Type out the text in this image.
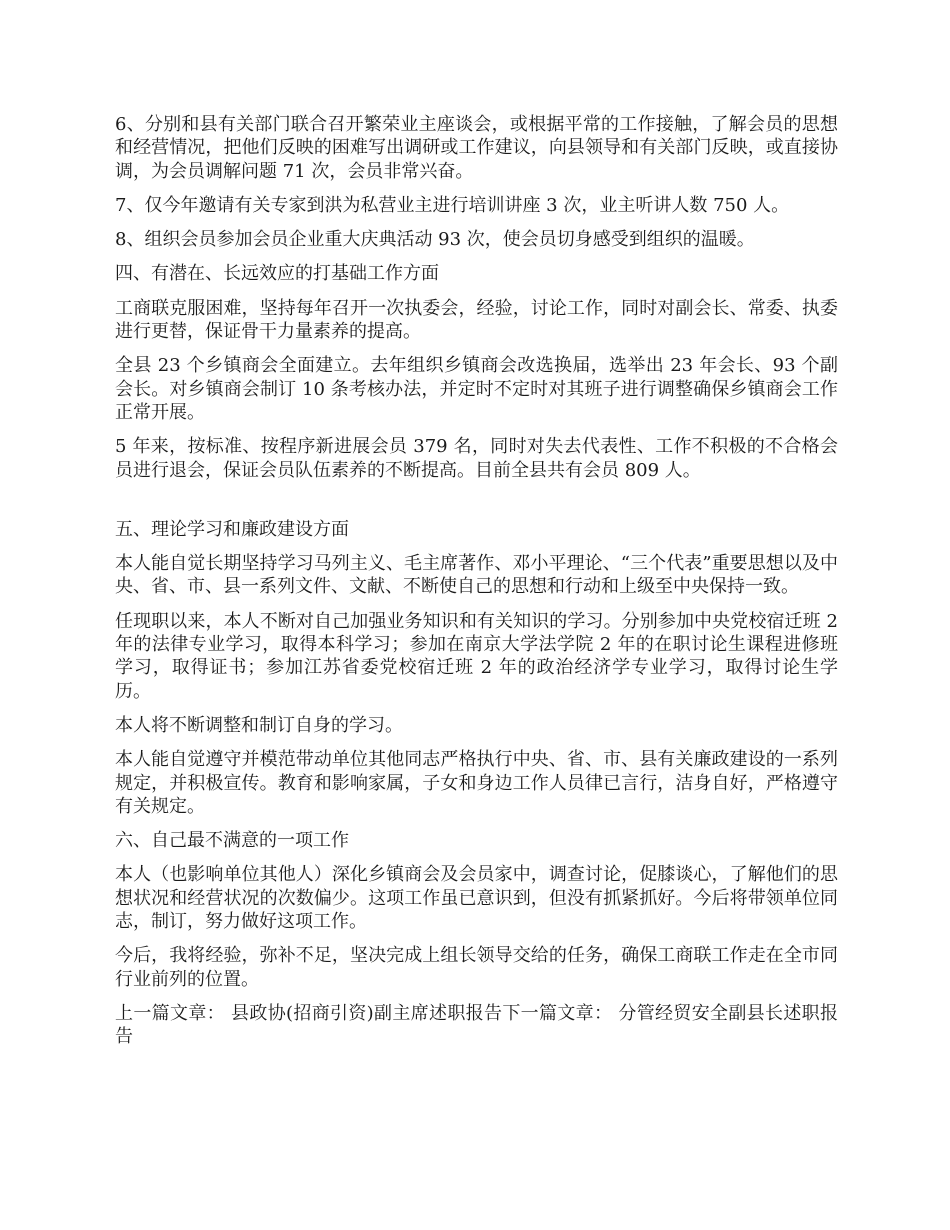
6、分别和县有关部门联合召开繁荣业主座谈会，或根据平常的工作接触，了解会员的思想和经营情况，把他们反映的困难写出调研或工作建议，向县领导和有关部门反映，或直接协调，为会员调解问题 71 次，会员非常兴奋。

7、仅今年邀请有关专家到洪为私营业主进行培训讲座 3 次，业主听讲人数 750 人。

8、组织会员参加会员企业重大庆典活动 93 次，使会员切身感受到组织的温暖。

四、有潜在、长远效应的打基础工作方面

工商联克服困难，坚持每年召开一次执委会，经验，讨论工作，同时对副会长、常委、执委进行更替，保证骨干力量素养的提高。

全县 23 个乡镇商会全面建立。去年组织乡镇商会改选换届，选举出 23 年会长、93 个副会长。对乡镇商会制订 10 条考核办法，并定时不定时对其班子进行调整确保乡镇商会工作正常开展。

5 年来，按标准、按程序新进展会员 379 名，同时对失去代表性、工作不积极的不合格会员进行退会，保证会员队伍素养的不断提高。目前全县共有会员 809 人。

五、理论学习和廉政建设方面

本人能自觉长期坚持学习马列主义、毛主席著作、邓小平理论、“三个代表”重要思想以及中央、省、市、县一系列文件、文献、不断使自己的思想和行动和上级至中央保持一致。

任现职以来，本人不断对自己加强业务知识和有关知识的学习。分别参加中央党校宿迁班 2 年的法律专业学习，取得本科学习；参加在南京大学法学院 2 年的在职讨论生课程进修班学习，取得证书；参加江苏省委党校宿迁班 2 年的政治经济学专业学习，取得讨论生学历。

本人将不断调整和制订自身的学习。

本人能自觉遵守并模范带动单位其他同志严格执行中央、省、市、县有关廉政建设的一系列规定，并积极宣传。教育和影响家属，子女和身边工作人员律已言行，洁身自好，严格遵守有关规定。

六、自己最不满意的一项工作

本人（也影响单位其他人）深化乡镇商会及会员家中，调查讨论，促膝谈心，了解他们的思想状况和经营状况的次数偏少。这项工作虽已意识到，但没有抓紧抓好。今后将带领单位同志，制订，努力做好这项工作。

今后，我将经验，弥补不足，坚决完成上组长领导交给的任务，确保工商联工作走在全市同行业前列的位置。

上一篇文章： 县政协(招商引资)副主席述职报告下一篇文章： 分管经贸安全副县长述职报告
